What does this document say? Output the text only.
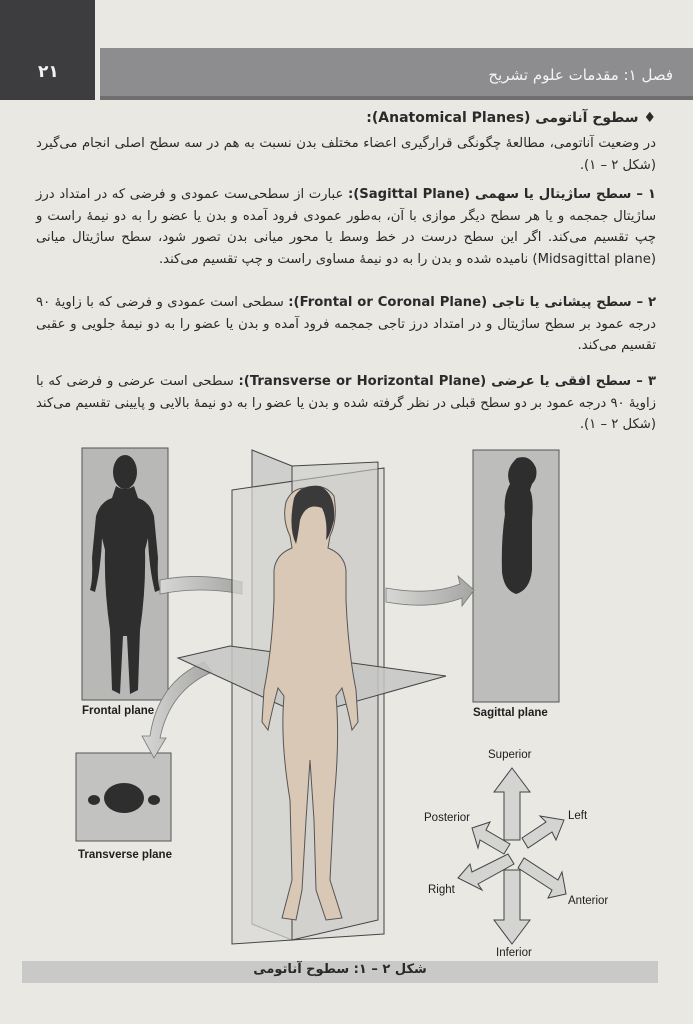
۲۱	فصل ۱: مقدمات علوم تشریح
♦ سطوح آناتومی (Anatomical Planes):
در وضعیت آناتومی، مطالعۀ چگونگی قرارگیری اعضاء مختلف بدن نسبت به هم در سه سطح اصلی انجام می‌گیرد (شکل ۲ – ۱).
۱ – سطح ساژیتال یا سهمی (Sagittal Plane): عبارت از سطحی‌ست عمودی و فرضی که در امتداد درز ساژیتال جمجمه و یا هر سطح دیگر موازی با آن، به‌طور عمودی فرود آمده و بدن یا عضو را به دو نیمۀ راست و چپ تقسیم می‌کند. اگر این سطح درست در خط وسط یا محور میانی بدن تصور شود، سطح ساژیتال میانی (Midsagittal plane) نامیده شده و بدن را به دو نیمۀ مساوی راست و چپ تقسیم می‌کند.
۲ – سطح پیشانی یا تاجی (Frontal or Coronal Plane): سطحی است عمودی و فرضی که با زاویۀ ۹۰ درجه عمود بر سطح ساژیتال و در امتداد درز تاجی جمجمه فرود آمده و بدن یا عضو را به دو نیمۀ جلویی و عقبی تقسیم می‌کند.
۳ – سطح افقی یا عرضی (Transverse or Horizontal Plane): سطحی است عرضی و فرضی که با زاویۀ ۹۰ درجه عمود بر دو سطح قبلی در نظر گرفته شده و بدن یا عضو را به دو نیمۀ بالایی و پایینی تقسیم می‌کند (شکل ۲ – ۱).
Frontal plane	Sagittal plane
Transverse plane
Superior
Inferior
Posterior	Left
Right
Anterior
شکل ۲ – ۱: سطوح آناتومی
